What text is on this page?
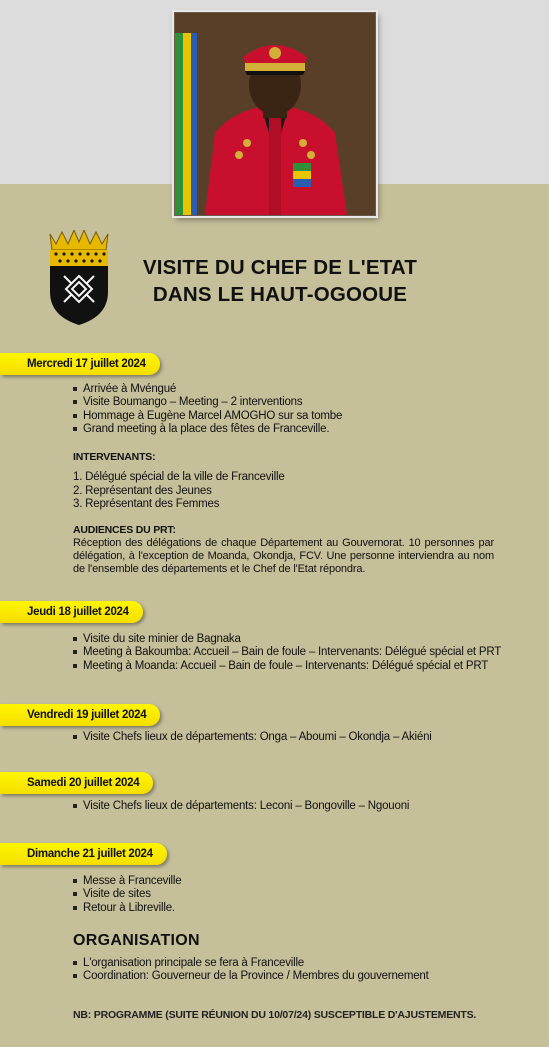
VISITE DU CHEF DE L'ETAT
DANS LE HAUT-OGOOUE
Mercredi 17 juillet 2024
Arrivée à Mvéngué
Visite Boumango – Meeting – 2 interventions
Hommage à Eugène Marcel AMOGHO sur sa tombe
Grand meeting à la place des fêtes de Franceville.
INTERVENANTS:
1. Délégué spécial de la ville de Franceville
2. Représentant des Jeunes
3. Représentant des Femmes
AUDIENCES DU PRT:

Réception des délégations de chaque Département au Gouvernorat. 10 personnes par délégation, à l'exception de Moanda, Okondja, FCV. Une personne interviendra au nom de l'ensemble des départements et le Chef de l'Etat répondra.

Jeudi 18 juillet 2024
Visite du site minier de Bagnaka
Meeting à Bakoumba: Accueil – Bain de foule – Intervenants: Délégué spécial et PRT
Meeting à Moanda: Accueil – Bain de foule – Intervenants: Délégué spécial et PRT
Vendredi 19 juillet 2024
Visite Chefs lieux de départements: Onga – Aboumi – Okondja – Akiéni
Samedi 20 juillet 2024
Visite Chefs lieux de départements: Leconi – Bongoville – Ngouoni
Dimanche 21 juillet 2024
Messe à Franceville
Visite de sites
Retour à Libreville.
ORGANISATION
L'organisation principale se fera à Franceville
Coordination: Gouverneur de la Province / Membres du gouvernement
NB: PROGRAMME (SUITE RÉUNION DU 10/07/24) SUSCEPTIBLE D'AJUSTEMENTS.
